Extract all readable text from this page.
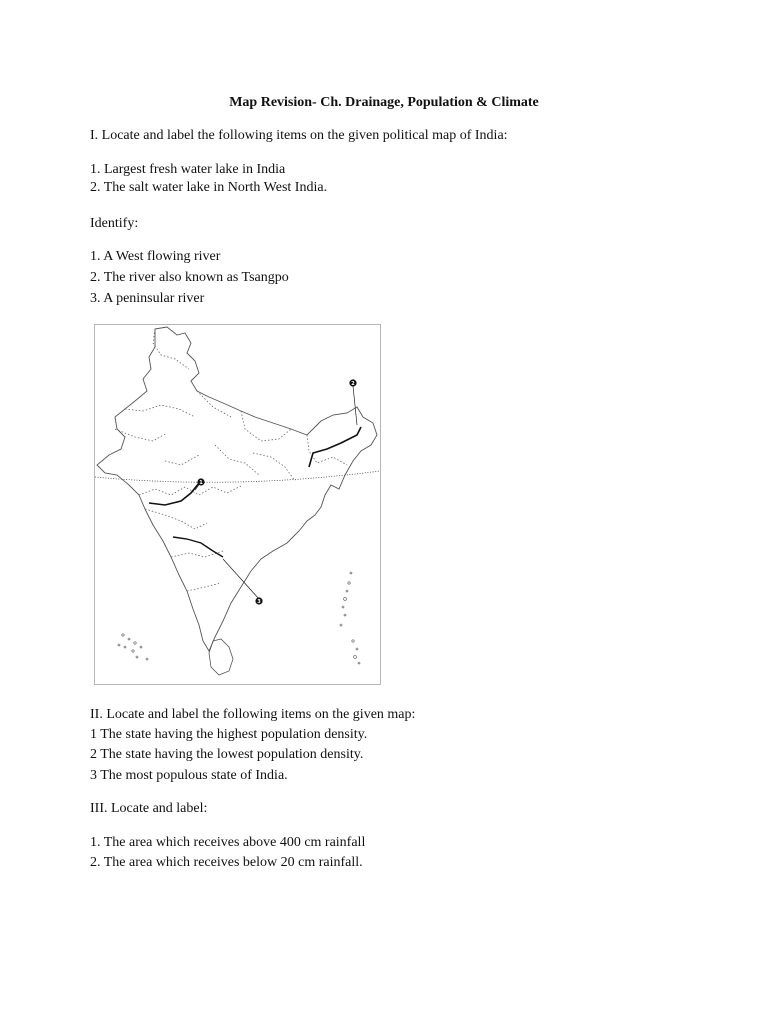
Map Revision- Ch. Drainage, Population & Climate
I. Locate and label the following items on the given political map of India:
1. Largest fresh water lake in India
2. The salt water lake in North West India.
Identify:
1. A West flowing river
2. The river also known as Tsangpo
3. A peninsular river
1
2
3
II. Locate and label the following items on the given map:
1 The state having the highest population density.
2 The state having the lowest population density.
3 The most populous state of India.
III. Locate and label:
1. The area which receives above 400 cm rainfall
2. The area which receives below 20 cm rainfall.
